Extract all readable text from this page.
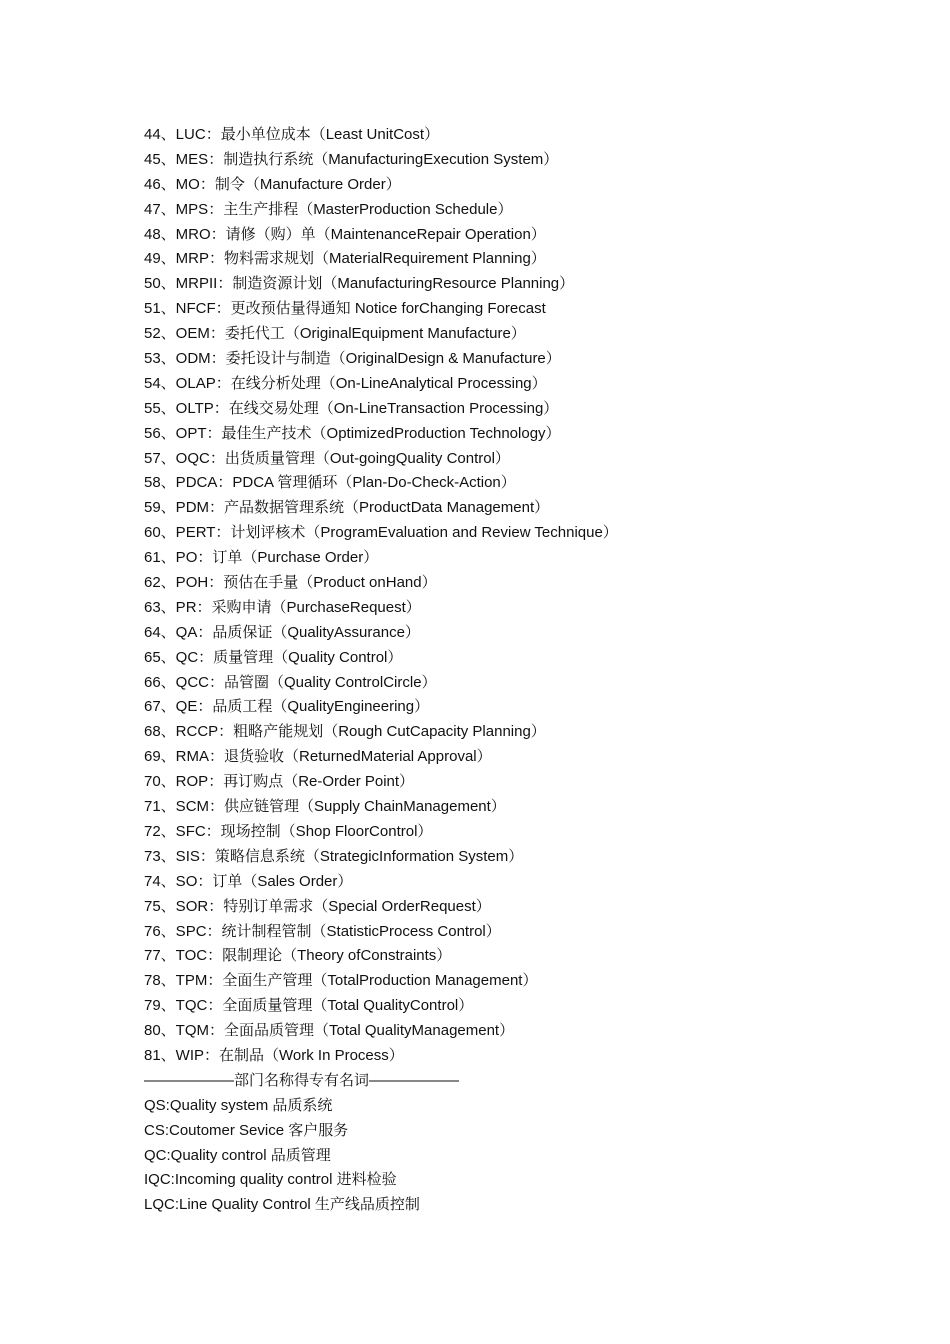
44、LUC：最小单位成本（Least UnitCost）
45、MES：制造执行系统（ManufacturingExecution System）
46、MO：制令（Manufacture Order）
47、MPS：主生产排程（MasterProduction Schedule）
48、MRO：请修（购）单（MaintenanceRepair Operation）
49、MRP：物料需求规划（MaterialRequirement Planning）
50、MRPII：制造资源计划（ManufacturingResource Planning）
51、NFCF：更改预估量得通知 Notice forChanging Forecast
52、OEM：委托代工（OriginalEquipment Manufacture）
53、ODM：委托设计与制造（OriginalDesign & Manufacture）
54、OLAP：在线分析处理（On-LineAnalytical Processing）
55、OLTP：在线交易处理（On-LineTransaction Processing）
56、OPT：最佳生产技术（OptimizedProduction Technology）
57、OQC：出货质量管理（Out-goingQuality Control）
58、PDCA：PDCA 管理循环（Plan-Do-Check-Action）
59、PDM：产品数据管理系统（ProductData Management）
60、PERT：计划评核术（ProgramEvaluation and Review Technique）
61、PO：订单（Purchase Order）
62、POH：预估在手量（Product onHand）
63、PR：采购申请（PurchaseRequest）
64、QA：品质保证（QualityAssurance）
65、QC：质量管理（Quality Control）
66、QCC：品管圈（Quality ControlCircle）
67、QE：品质工程（QualityEngineering）
68、RCCP：粗略产能规划（Rough CutCapacity Planning）
69、RMA：退货验收（ReturnedMaterial Approval）
70、ROP：再订购点（Re-Order Point）
71、SCM：供应链管理（Supply ChainManagement）
72、SFC：现场控制（Shop FloorControl）
73、SIS：策略信息系统（StrategicInformation System）
74、SO：订单（Sales Order）
75、SOR：特别订单需求（Special OrderRequest）
76、SPC：统计制程管制（StatisticProcess Control）
77、TOC：限制理论（Theory ofConstraints）
78、TPM：全面生产管理（TotalProduction Management）
79、TQC：全面质量管理（Total QualityControl）
80、TQM：全面品质管理（Total QualityManagement）
81、WIP：在制品（Work In Process）
——————部门名称得专有名词——————
QS:Quality system 品质系统
CS:Coutomer Sevice 客户服务
QC:Quality control 品质管理
IQC:Incoming quality control 进料检验
LQC:Line Quality Control 生产线品质控制
